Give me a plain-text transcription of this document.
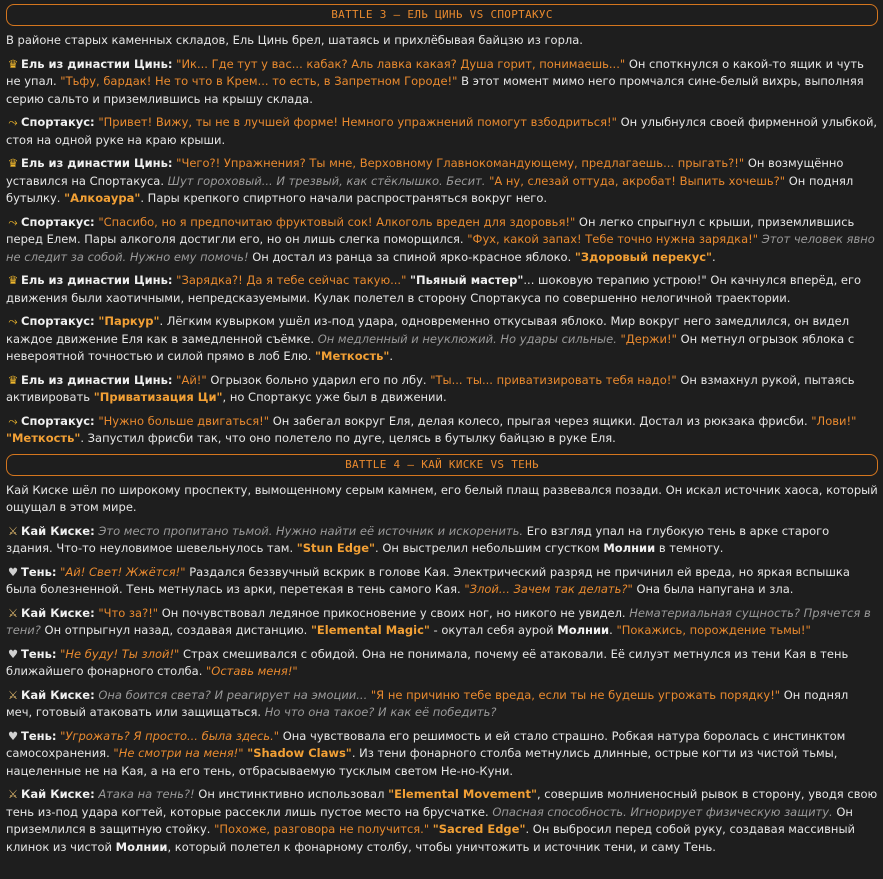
BATTLE 3 — ЕЛЬ ЦИНЬ VS СПОРТАКУС

В районе старых каменных складов, Ель Цинь брел, шатаясь и прихлёбывая байцзю из горла.

♛ Ель из династии Цинь: "Ик... Где тут у вас... кабак? Аль лавка какая? Душа горит, понимаешь..." Он споткнулся о какой-то ящик и чуть не упал. "Тьфу, бардак! Не то что в Крем... то есть, в Запретном Городе!" В этот момент мимо него промчался сине-белый вихрь, выполняя серию сальто и приземлившись на крышу склада.

⤳ Спортакус: "Привет! Вижу, ты не в лучшей форме! Немного упражнений помогут взбодриться!" Он улыбнулся своей фирменной улыбкой, стоя на одной руке на краю крыши.

♛ Ель из династии Цинь: "Чего?! Упражнения? Ты мне, Верховному Главнокомандующему, предлагаешь... прыгать?!" Он возмущённо уставился на Спортакуса. Шут гороховый... И трезвый, как стёклышко. Бесит. "А ну, слезай оттуда, акробат! Выпить хочешь?" Он поднял бутылку. "Алкоаура". Пары крепкого спиртного начали распространяться вокруг него.

⤳ Спортакус: "Спасибо, но я предпочитаю фруктовый сок! Алкоголь вреден для здоровья!" Он легко спрыгнул с крыши, приземлившись перед Елем. Пары алкоголя достигли его, но он лишь слегка поморщился. "Фух, какой запах! Тебе точно нужна зарядка!" Этот человек явно не следит за собой. Нужно ему помочь! Он достал из ранца за спиной ярко-красное яблоко. "Здоровый перекус".

♛ Ель из династии Цинь: "Зарядка?! Да я тебе сейчас такую..." "Пьяный мастер"... шоковую терапию устрою!" Он качнулся вперёд, его движения были хаотичными, непредсказуемыми. Кулак полетел в сторону Спортакуса по совершенно нелогичной траектории.

⤳ Спортакус: "Паркур". Лёгким кувырком ушёл из-под удара, одновременно откусывая яблоко. Мир вокруг него замедлился, он видел каждое движение Еля как в замедленной съёмке. Он медленный и неуклюжий. Но удары сильные. "Держи!" Он метнул огрызок яблока с невероятной точностью и силой прямо в лоб Елю. "Меткость".

♛ Ель из династии Цинь: "Ай!" Огрызок больно ударил его по лбу. "Ты... ты... приватизировать тебя надо!" Он взмахнул рукой, пытаясь активировать "Приватизация Ци", но Спортакус уже был в движении.

⤳ Спортакус: "Нужно больше двигаться!" Он забегал вокруг Еля, делая колесо, прыгая через ящики. Достал из рюкзака фрисби. "Лови!" "Меткость". Запустил фрисби так, что оно полетело по дуге, целясь в бутылку байцзю в руке Еля.

BATTLE 4 — КАЙ КИСКЕ VS ТЕНЬ

Кай Киске шёл по широкому проспекту, вымощенному серым камнем, его белый плащ развевался позади. Он искал источник хаоса, который ощущал в этом мире.

⚔ Кай Киске: Это место пропитано тьмой. Нужно найти её источник и искоренить. Его взгляд упал на глубокую тень в арке старого здания. Что-то неуловимое шевельнулось там. "Stun Edge". Он выстрелил небольшим сгустком Молнии в темноту.

♥ Тень: "Ай! Свет! Жжётся!" Раздался беззвучный вскрик в голове Кая. Электрический разряд не причинил ей вреда, но яркая вспышка была болезненной. Тень метнулась из арки, перетекая в тень самого Кая. "Злой... Зачем так делать?" Она была напугана и зла.

⚔ Кай Киске: "Что за?!" Он почувствовал ледяное прикосновение у своих ног, но никого не увидел. Нематериальная сущность? Прячется в тени? Он отпрыгнул назад, создавая дистанцию. "Elemental Magic" - окутал себя аурой Молнии. "Покажись, порождение тьмы!"

♥ Тень: "Не буду! Ты злой!" Страх смешивался с обидой. Она не понимала, почему её атаковали. Её силуэт метнулся из тени Кая в тень ближайшего фонарного столба. "Оставь меня!"

⚔ Кай Киске: Она боится света? И реагирует на эмоции... "Я не причиню тебе вреда, если ты не будешь угрожать порядку!" Он поднял меч, готовый атаковать или защищаться. Но что она такое? И как её победить?

♥ Тень: "Угрожать? Я просто... была здесь." Она чувствовала его решимость и ей стало страшно. Робкая натура боролась с инстинктом самосохранения. "Не смотри на меня!" "Shadow Claws". Из тени фонарного столба метнулись длинные, острые когти из чистой тьмы, нацеленные не на Кая, а на его тень, отбрасываемую тусклым светом Не-но-Куни.

⚔ Кай Киске: Атака на тень?! Он инстинктивно использовал "Elemental Movement", совершив молниеносный рывок в сторону, уводя свою тень из-под удара когтей, которые рассекли лишь пустое место на брусчатке. Опасная способность. Игнорирует физическую защиту. Он приземлился в защитную стойку. "Похоже, разговора не получится." "Sacred Edge". Он выбросил перед собой руку, создавая массивный клинок из чистой Молнии, который полетел к фонарному столбу, чтобы уничтожить и источник тени, и саму Тень.
